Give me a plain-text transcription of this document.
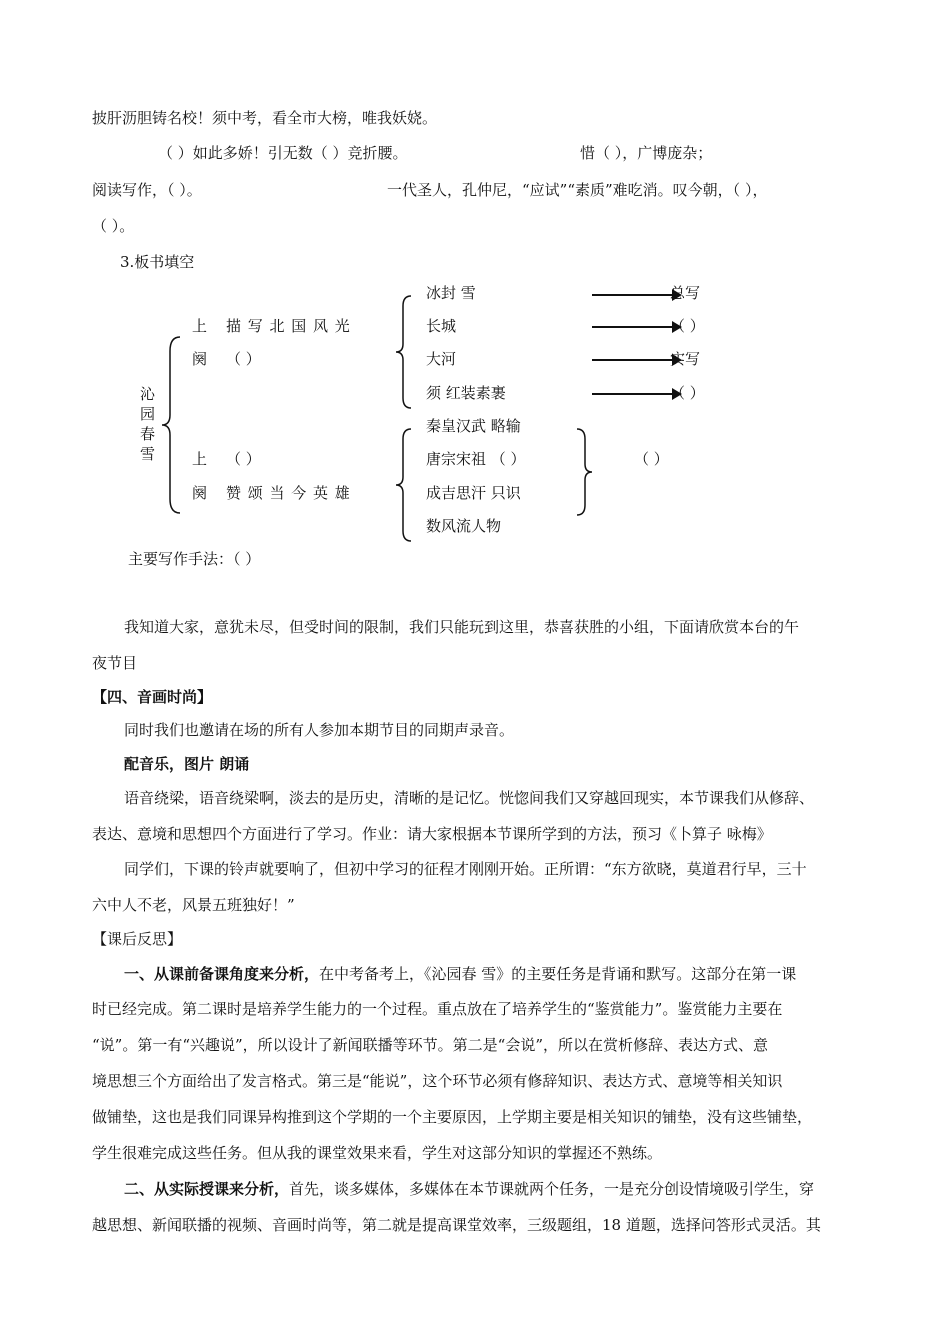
披肝沥胆铸名校！须中考，看全市大榜，唯我妖娆。
（ ）如此多娇！引无数（ ）竞折腰。	惜（ ），广博庞杂；
阅读写作，（ ）。	一代圣人，孔仲尼，“应试”“素质”难吃消。叹今朝，（ ），
（ ）。
3.板书填空
沁
园
春
雪
上 描写北国风光
阕 （ ）
冰封 雪
长城
大河
须 红装素裹
总写
（ ）
实写
（ ）
上 （ ）
阕 赞颂当今英雄
秦皇汉武 略输
唐宗宋祖 （ ）
成吉思汗 只识
数风流人物
（ ）
主要写作手法：（ ）
我知道大家，意犹未尽，但受时间的限制，我们只能玩到这里，恭喜获胜的小组，下面请欣赏本台的午
夜节目
【四、音画时尚】
同时我们也邀请在场的所有人参加本期节目的同期声录音。
配音乐，图片 朗诵
语音绕梁，语音绕梁啊，淡去的是历史，清晰的是记忆。恍惚间我们又穿越回现实，本节课我们从修辞、
表达、意境和思想四个方面进行了学习。作业：请大家根据本节课所学到的方法，预习《卜算子 咏梅》
同学们，下课的铃声就要响了，但初中学习的征程才刚刚开始。正所谓：“东方欲晓，莫道君行早，三十
六中人不老，风景五班独好！”
【课后反思】
一、从课前备课角度来分析，在中考备考上，《沁园春 雪》的主要任务是背诵和默写。这部分在第一课
时已经完成。第二课时是培养学生能力的一个过程。重点放在了培养学生的“鉴赏能力”。鉴赏能力主要在
“说”。第一有“兴趣说”，所以设计了新闻联播等环节。第二是“会说”，所以在赏析修辞、表达方式、意
境思想三个方面给出了发言格式。第三是“能说”，这个环节必须有修辞知识、表达方式、意境等相关知识
做铺垫，这也是我们同课异构推到这个学期的一个主要原因，上学期主要是相关知识的铺垫，没有这些铺垫，
学生很难完成这些任务。但从我的课堂效果来看，学生对这部分知识的掌握还不熟练。
二、从实际授课来分析，首先，谈多媒体，多媒体在本节课就两个任务，一是充分创设情境吸引学生，穿
越思想、新闻联播的视频、音画时尚等，第二就是提高课堂效率，三级题组，18 道题，选择问答形式灵活。其
